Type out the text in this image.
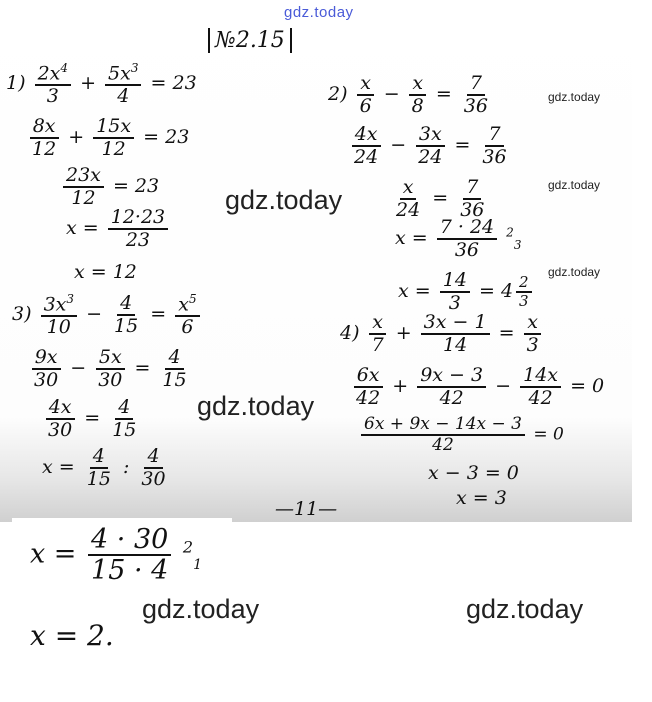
gdz.today
gdz.today
gdz.today
gdz.today
gdz.today
gdz.today
gdz.today	gdz.today
№2.15
$1) \frac{2x^4}{3} + \frac{5x^3}{4} = 23$
$\frac{8x}{12} + \frac{15x}{12} = 23$
$\frac{23x}{12} = 23$
$x = \frac{12\cdot 23}{23}$
x = 12
$2) \frac{x}{6} - \frac{x}{8} = \frac{7}{36}$
$\frac{4x}{24} - \frac{3x}{24} = \frac{7}{36}$
$\frac{x}{24} = \frac{7}{36}$
$x = \frac{7 \cdot 24}{36} ^2_3$
$x = \frac{14}{3} = 4 \frac{2}{3}$
$3) \frac{3x^3}{10} - \frac{4}{15} = \frac{x^5}{6}$
$\frac{9x}{30} - \frac{5x}{30} = \frac{4}{15}$
$\frac{4x}{30} = \frac{4}{15}$
$x = \frac{4}{15}$ : $\frac{4}{30}$
$x = \frac{4 \cdot 30}{15 \cdot 4} ^2_1$
x = 2.
$4) \frac{x}{7} + \frac{3x - 1}{14} = \frac{x}{3}$
$\frac{6x}{42} + \frac{9x - 3}{42} - \frac{14x}{42} = 0$
$\frac{6x + 9x - 14x - 3}{42} = 0$
x − 3 = 0
x = 3
—11—
